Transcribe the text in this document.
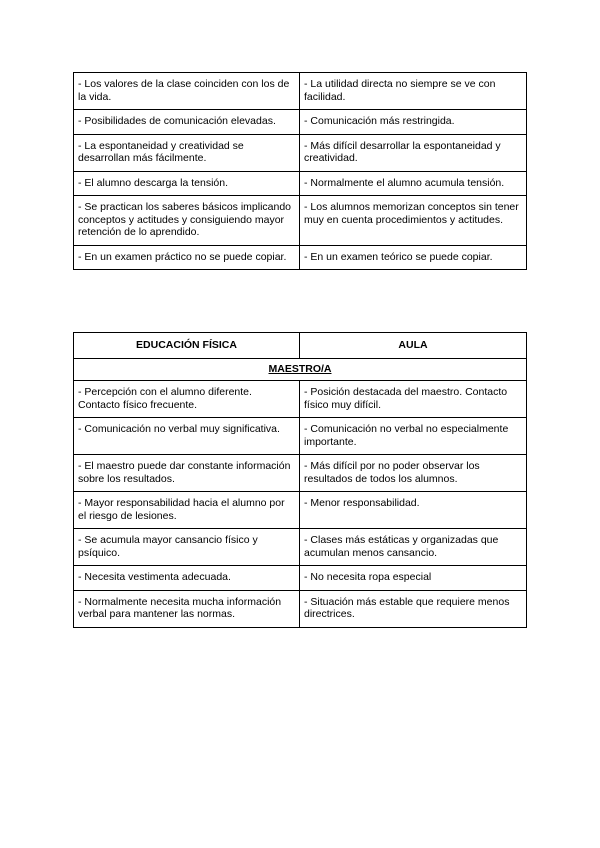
- Los valores de la clase coinciden con los de la vida.	- La utilidad directa no siempre se ve con facilidad.
- Posibilidades de comunicación elevadas.	- Comunicación más restringida.
- La espontaneidad y creatividad se desarrollan más fácilmente.	- Más difícil desarrollar la espontaneidad y creatividad.
- El alumno descarga la tensión.	- Normalmente el alumno acumula tensión.
- Se practican los saberes básicos implicando conceptos y actitudes y consiguiendo mayor retención de lo aprendido.	- Los alumnos memorizan conceptos sin tener muy en cuenta procedimientos y actitudes.
- En un examen práctico no se puede copiar.	- En un examen teórico se puede copiar.
EDUCACIÓN FÍSICA	AULA
MAESTRO/A	
- Percepción con el alumno diferente. Contacto físico frecuente.	- Posición destacada del maestro. Contacto físico muy difícil.
- Comunicación no verbal muy significativa.	- Comunicación no verbal no especialmente importante.
- El maestro puede dar constante información sobre los resultados.	- Más difícil por no poder observar los resultados de todos los alumnos.
- Mayor responsabilidad hacia el alumno por el riesgo de lesiones.	- Menor responsabilidad.
- Se acumula mayor cansancio físico y psíquico.	- Clases más estáticas y organizadas que acumulan menos cansancio.
- Necesita vestimenta adecuada.	- No necesita ropa especial
- Normalmente necesita mucha información verbal para mantener las normas.	- Situación más estable que requiere menos directrices.
